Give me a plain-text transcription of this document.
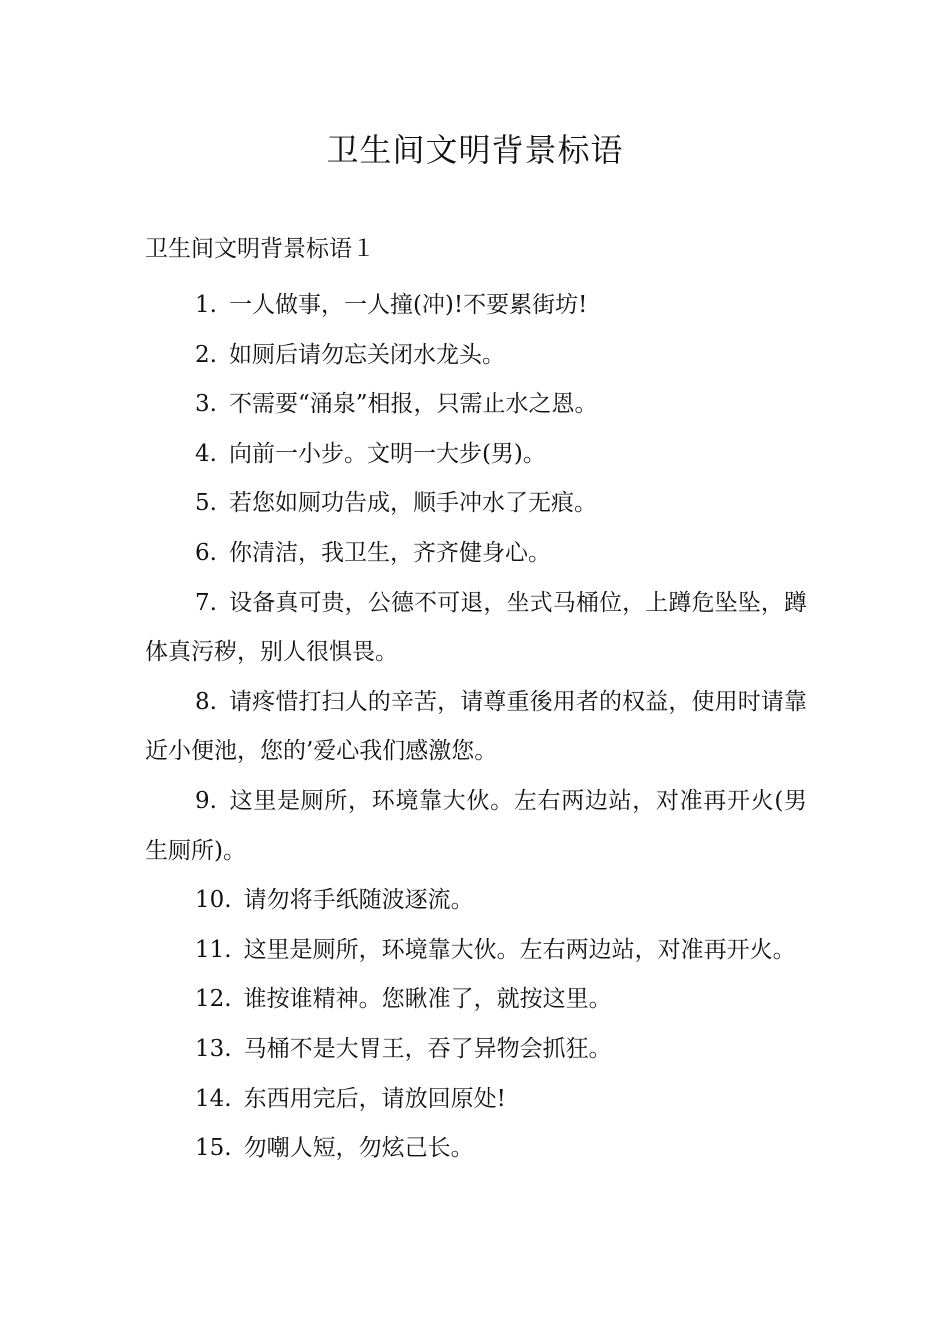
卫生间文明背景标语
卫生间文明背景标语１
1. 一人做事，一人撞(冲)!不要累街坊!
2. 如厕后请勿忘关闭水龙头。
3. 不需要“涌泉”相报，只需止水之恩。
4. 向前一小步。文明一大步(男)。
5. 若您如厕功告成，顺手冲水了无痕。
6. 你清洁，我卫生，齐齐健身心。
7. 设备真可贵，公德不可退，坐式马桶位，上蹲危坠坠，蹲体真污秽，别人很惧畏。
8. 请疼惜打扫人的辛苦，请尊重後用者的权益，使用时请靠近小便池，您的’爱心我们感激您。
9. 这里是厕所，环境靠大伙。左右两边站，对准再开火(男生厕所)。
10. 请勿将手纸随波逐流。
11. 这里是厕所，环境靠大伙。左右两边站，对准再开火。
12. 谁按谁精神。您瞅准了，就按这里。
13. 马桶不是大胃王，吞了异物会抓狂。
14. 东西用完后，请放回原处!
15. 勿嘲人短，勿炫己长。
